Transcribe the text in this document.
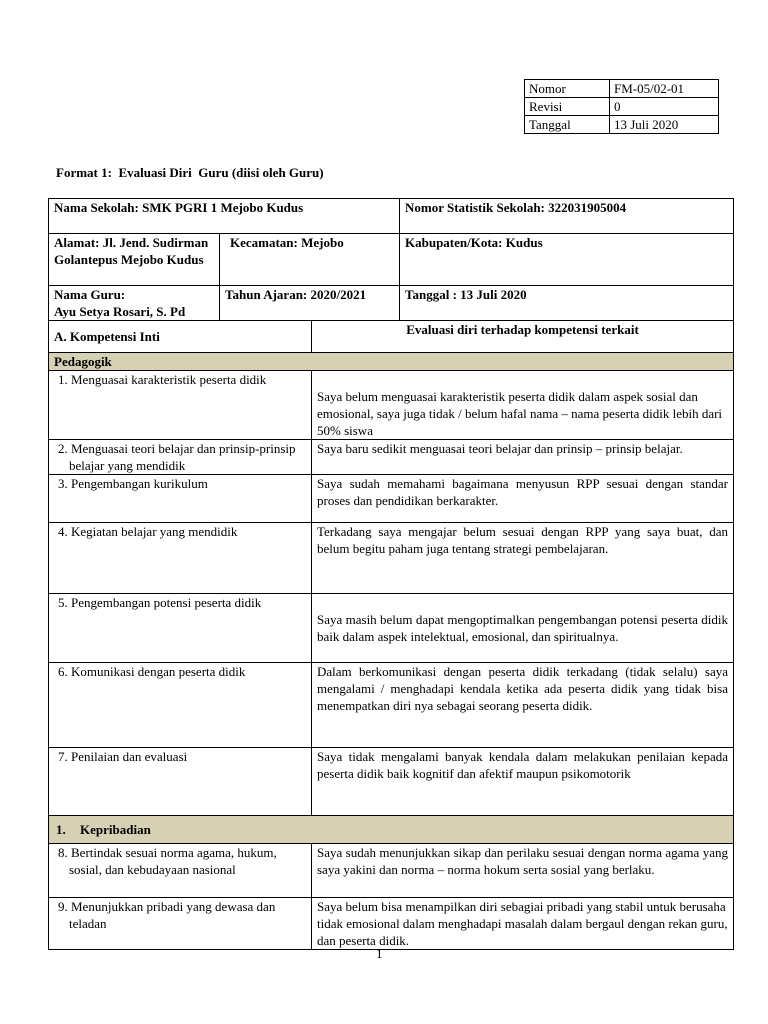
Nomor	FM-05/02-01
Revisi	0
Tanggal	13 Juli 2020
Format 1:  Evaluasi Diri  Guru (diisi oleh Guru)
Nama Sekolah: SMK PGRI 1 Mejobo Kudus			Nomor Statistik Sekolah: 322031905004
Alamat: Jl. Jend. Sudirman Golantepus Mejobo Kudus	Kecamatan: Mejobo		Kabupaten/Kota: Kudus

Nama Guru:
Ayu Setya Rosari, S. Pd	Tahun Ajaran: 2020/2021		Tanggal : 13 Juli 2020
A. Kompetensi Inti		Evaluasi diri terhadap kompetensi terkait	
Pedagogik			
1. Menguasai karakteristik peserta didik		Saya belum menguasai karakteristik peserta didik dalam aspek sosial dan emosional, saya juga tidak / belum hafal nama – nama peserta didik lebih dari 50% siswa	
2. Menguasai teori belajar dan prinsip-prinsip belajar yang mendidik		Saya baru sedikit menguasai teori belajar dan prinsip – prinsip belajar.	
3. Pengembangan kurikulum		Saya sudah memahami bagaimana menyusun RPP sesuai dengan standar proses dan pendidikan berkarakter.	
4. Kegiatan belajar yang mendidik		Terkadang saya mengajar belum sesuai dengan RPP yang saya buat, dan belum begitu paham juga tentang strategi pembelajaran.	
5. Pengembangan potensi peserta didik		Saya masih belum dapat mengoptimalkan pengembangan potensi peserta didik baik dalam aspek intelektual, emosional, dan spiritualnya.	
6. Komunikasi dengan peserta didik		Dalam berkomunikasi dengan peserta didik terkadang (tidak selalu) saya mengalami / menghadapi kendala ketika ada peserta didik yang tidak bisa menempatkan diri nya sebagai seorang peserta didik.	
7. Penilaian dan evaluasi		Saya tidak mengalami banyak kendala dalam melakukan penilaian kepada peserta didik baik kognitif dan afektif maupun psikomotorik	
1. Kepribadian			
8. Bertindak sesuai norma agama, hukum, sosial, dan kebudayaan nasional		Saya sudah menunjukkan sikap dan perilaku sesuai dengan norma agama yang saya yakini dan norma – norma hokum serta sosial yang berlaku.	
9. Menunjukkan pribadi yang dewasa dan teladan		Saya belum bisa menampilkan diri sebagiai pribadi yang stabil untuk berusaha tidak emosional dalam menghadapi masalah dalam bergaul dengan rekan guru, dan peserta didik.	
1
